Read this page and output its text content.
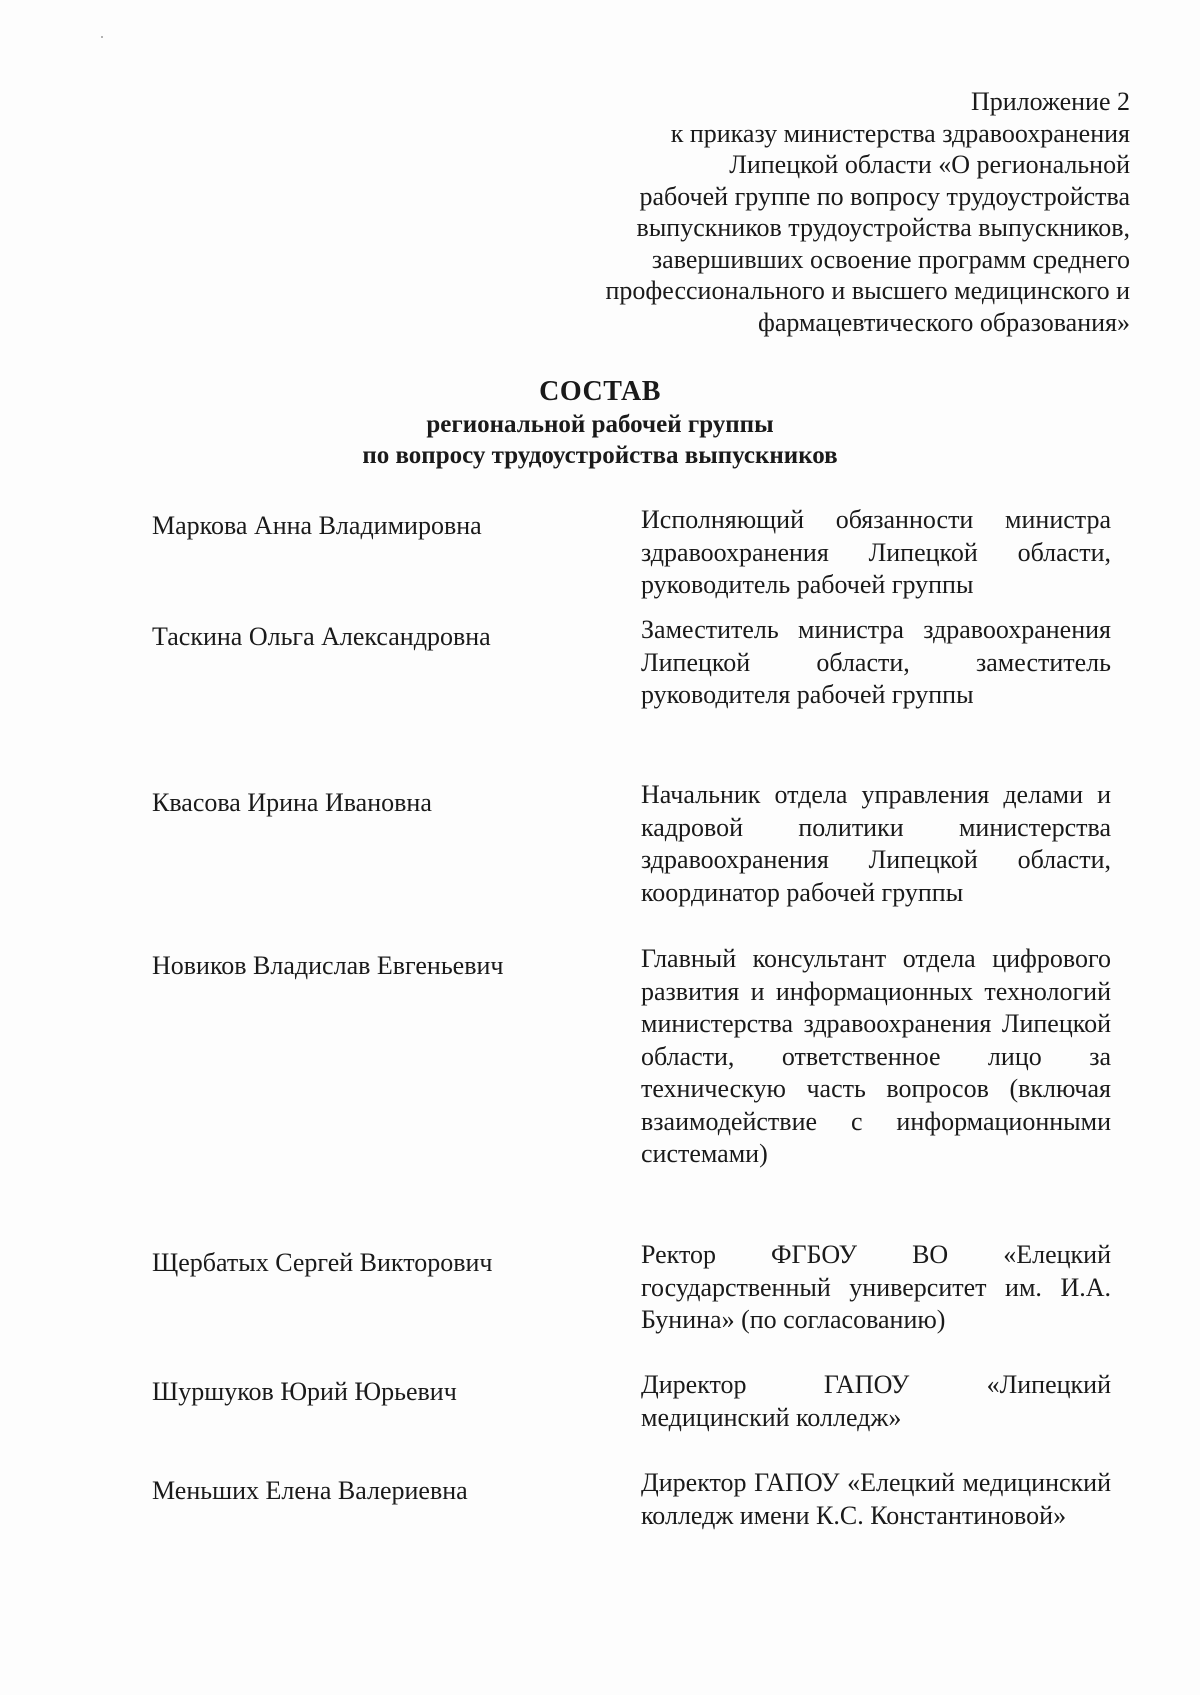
Приложение 2
к приказу министерства здравоохранения
Липецкой области «О региональной
рабочей группе по вопросу трудоустройства
выпускников трудоустройства выпускников,
завершивших освоение программ среднего
профессионального и высшего медицинского и
фармацевтического образования»
СОСТАВ
региональной рабочей группы
по вопросу трудоустройства выпускников
Маркова Анна Владимировна	Исполняющий обязанности министра здравоохранения Липецкой области, руководитель рабочей группы
Таскина Ольга Александровна	Заместитель министра здравоохранения Липецкой области, заместитель руководителя рабочей группы
Квасова Ирина Ивановна	Начальник отдела управления делами и кадровой политики министерства здравоохранения Липецкой области, координатор рабочей группы
Новиков Владислав Евгеньевич	Главный консультант отдела цифрового развития и информационных технологий министерства здравоохранения Липецкой области, ответственное лицо за техническую часть вопросов (включая взаимодействие с информационными системами)
Щербатых Сергей Викторович	Ректор ФГБОУ ВО «Елецкий государственный университет им. И.А. Бунина» (по согласованию)
Шуршуков Юрий Юрьевич	Директор ГАПОУ «Липецкий медицинский колледж»
Меньших Елена Валериевна	Директор ГАПОУ «Елецкий медицинский колледж имени К.С. Константиновой»
